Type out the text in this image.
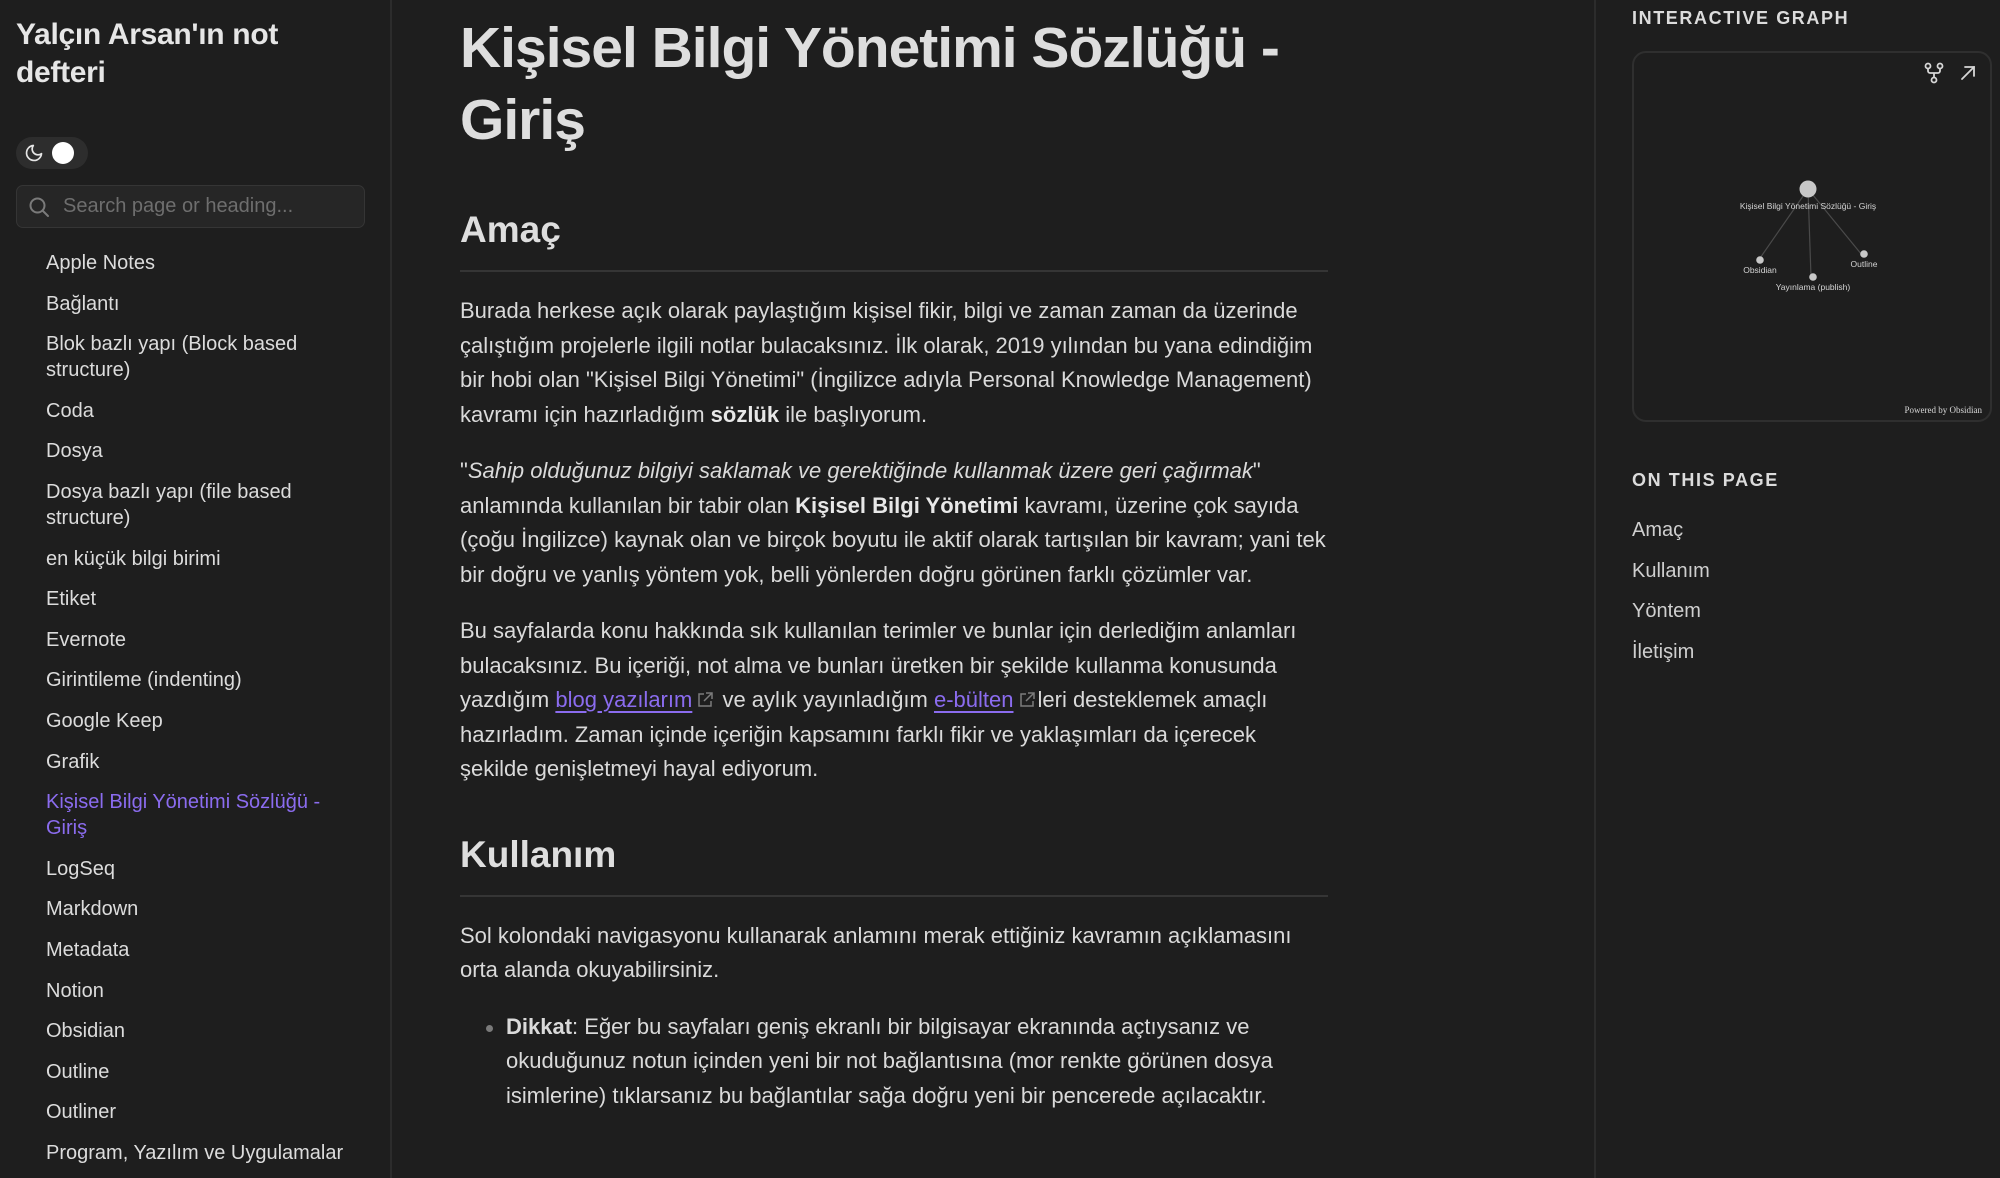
Yalçın Arsan'ın not defteri
Search page or heading...
Apple Notes
Bağlantı
Blok bazlı yapı (Block based structure)
Coda
Dosya
Dosya bazlı yapı (file based structure)
en küçük bilgi birimi
Etiket
Evernote
Girintileme (indenting)
Google Keep
Grafik
Kişisel Bilgi Yönetimi Sözlüğü - Giriş
LogSeq
Markdown
Metadata
Notion
Obsidian
Outline
Outliner
Program, Yazılım ve Uygulamalar
Kişisel Bilgi Yönetimi Sözlüğü - Giriş
Amaç

Burada herkese açık olarak paylaştığım kişisel fikir, bilgi ve zaman zaman da üzerinde çalıştığım projelerle ilgili notlar bulacaksınız. İlk olarak, 2019 yılından bu yana edindiğim bir hobi olan "Kişisel Bilgi Yönetimi" (İngilizce adıyla Personal Knowledge Management) kavramı için hazırladığım sözlük ile başlıyorum.

"Sahip olduğunuz bilgiyi saklamak ve gerektiğinde kullanmak üzere geri çağırmak" anlamında kullanılan bir tabir olan Kişisel Bilgi Yönetimi kavramı, üzerine çok sayıda (çoğu İngilizce) kaynak olan ve birçok boyutu ile aktif olarak tartışılan bir kavram; yani tek bir doğru ve yanlış yöntem yok, belli yönlerden doğru görünen farklı çözümler var.

Bu sayfalarda konu hakkında sık kullanılan terimler ve bunlar için derlediğim anlamları bulacaksınız. Bu içeriği, not alma ve bunları üretken bir şekilde kullanma konusunda yazdığım blog yazılarım ve aylık yayınladığım e-bülten leri desteklemek amaçlı hazırladım. Zaman içinde içeriğin kapsamını farklı fikir ve yaklaşımları da içerecek şekilde genişletmeyi hayal ediyorum.

Kullanım

Sol kolondaki navigasyonu kullanarak anlamını merak ettiğiniz kavramın açıklamasını orta alanda okuyabilirsiniz.

Dikkat: Eğer bu sayfaları geniş ekranlı bir bilgisayar ekranında açtıysanız ve okuduğunuz notun içinden yeni bir not bağlantısına (mor renkte görünen dosya isimlerine) tıklarsanız bu bağlantılar sağa doğru yeni bir pencerede açılacaktır.
INTERACTIVE GRAPH
Kişisel Bilgi Yönetimi Sözlüğü - Giriş
Obsidian
Yayınlama (publish)
Outline
Powered by Obsidian
ON THIS PAGE
Amaç
Kullanım
Yöntem
İletişim
